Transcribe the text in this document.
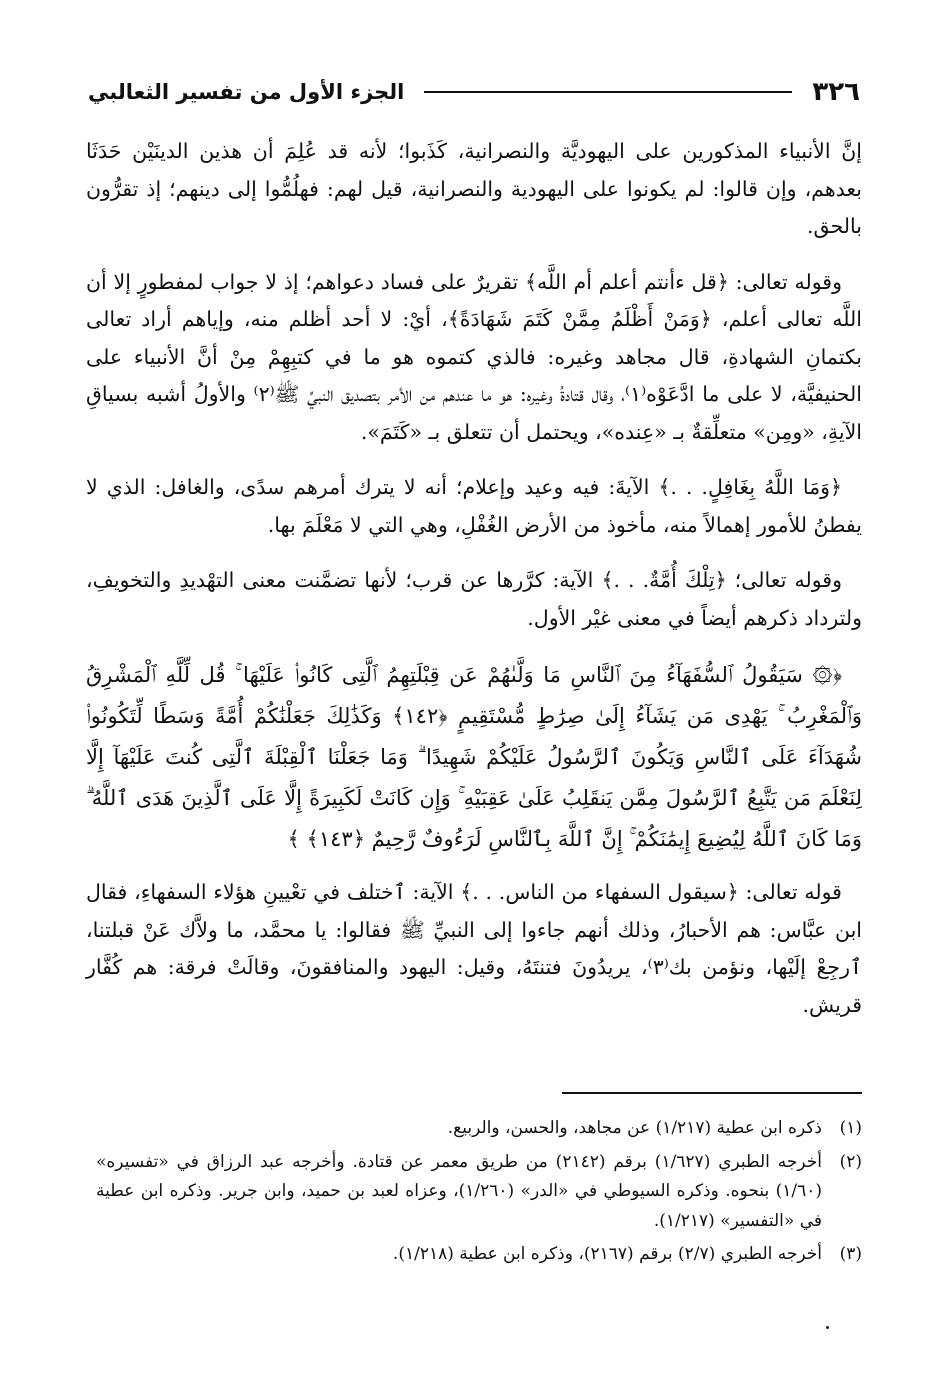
٣٢٦
الجزء الأول من تفسير الثعالبي

إنَّ الأنبياء المذكورين على اليهوديَّة والنصرانية، كَذَبوا؛ لأنه قد عُلِمَ أن هذين الدينَيْن حَدَثَا بعدهم، وإن قالوا: لم يكونوا على اليهودية والنصرانية، قيل لهم: فهلُمُّوا إلى دينهم؛ إذ تقرُّون بالحق.

وقوله تعالى: ﴿قل ءأنتم أعلم أم اللَّه﴾ تقريرٌ على فساد دعواهم؛ إذ لا جواب لمفطورٍ إلا أن اللَّه تعالى أعلم، ﴿وَمَنْ أَظْلَمُ مِمَّنْ كَتَمَ شَهَادَةً﴾، أيْ: لا أحد أظلم منه، وإياهم أراد تعالى بكتمانِ الشهادةِ، قال مجاهد وغيره: فالذي كتموه هو ما في كتبِهِمْ مِنْ أنَّ الأنبياء على الحنيفيَّة، لا على ما ادَّعَوْه⁽١⁾، وقال قتادةُ وغيره: هو ما عندهم من الأمر بتصديق النبيِّ ﷺ⁽٢⁾ والأولُ أشبه بسياقِ الآيةِ، «ومِن» متعلِّقةٌ بـ «عِنده»، ويحتمل أن تتعلق بـ «كَتَمَ».

﴿وَمَا اللَّهُ بِغَافِلٍ. . .﴾ الآيةَ: فيه وعيد وإعلام؛ أنه لا يترك أمرهم سدًى، والغافل: الذي لا يفطنُ للأمور إهمالاً منه، مأخوذ من الأرض الغُفْلِ، وهي التي لا مَعْلَمَ بها.

وقوله تعالى؛ ﴿تِلْكَ أُمَّةٌ. . .﴾ الآية: كرَّرها عن قرب؛ لأنها تضمَّنت معنى التهْديدِ والتخويفِ، ولترداد ذكرهم أيضاً في معنى غيْر الأول.

﴿۞ سَيَقُولُ ٱلسُّفَهَآءُ مِنَ ٱلنَّاسِ مَا وَلَّىٰهُمْ عَن قِبْلَتِهِمُ ٱلَّتِى كَانُوا۟ عَلَيْهَا ۚ قُل لِّلَّهِ ٱلْمَشْرِقُ وَٱلْمَغْرِبُ ۚ يَهْدِى مَن يَشَآءُ إِلَىٰ صِرَٰطٍ مُّسْتَقِيمٍ ﴿١٤٢﴾ وَكَذَٰلِكَ جَعَلْنَٰكُمْ أُمَّةً وَسَطًا لِّتَكُونُوا۟ شُهَدَآءَ عَلَى ٱلنَّاسِ وَيَكُونَ ٱلرَّسُولُ عَلَيْكُمْ شَهِيدًا ۗ وَمَا جَعَلْنَا ٱلْقِبْلَةَ ٱلَّتِى كُنتَ عَلَيْهَآ إِلَّا لِنَعْلَمَ مَن يَتَّبِعُ ٱلرَّسُولَ مِمَّن يَنقَلِبُ عَلَىٰ عَقِبَيْهِ ۚ وَإِن كَانَتْ لَكَبِيرَةً إِلَّا عَلَى ٱلَّذِينَ هَدَى ٱللَّهُ ۗ وَمَا كَانَ ٱللَّهُ لِيُضِيعَ إِيمَٰنَكُمْ ۚ إِنَّ ٱللَّهَ بِٱلنَّاسِ لَرَءُوفٌ رَّحِيمٌ ﴿١٤٣﴾ ﴾

قوله تعالى: ﴿سيقول السفهاء من الناس. . .﴾ الآية: ٱختلف في تعْيينِ هؤلاء السفهاءِ، فقال ابن عبَّاس: هم الأحبارُ، وذلك أنهم جاءوا إلى النبيِّ ﷺ فقالوا: يا محمَّد، ما ولاَّك عَنْ قبلتنا، ٱرجِعْ إلَيْها، ونؤمن بك⁽٣⁾، يريدُونَ فتنتَهُ، وقيل: اليهود والمنافقونَ، وقالَتْ فرقة: هم كُفَّار قريش.

(١)
ذكره ابن عطية (١/٢١٧) عن مجاهد، والحسن، والربيع.
(٢)
أخرجه الطبري (١/٦٢٧) برقم (٢١٤٢) من طريق معمر عن قتادة. وأخرجه عبد الرزاق في «تفسيره» (١/٦٠) بنحوه. وذكره السيوطي في «الدر» (١/٢٦٠)، وعزاه لعبد بن حميد، وابن جرير. وذكره ابن عطية في «التفسير» (١/٢١٧).
(٣)
أخرجه الطبري (٢/٧) برقم (٢١٦٧)، وذكره ابن عطية (١/٢١٨).
